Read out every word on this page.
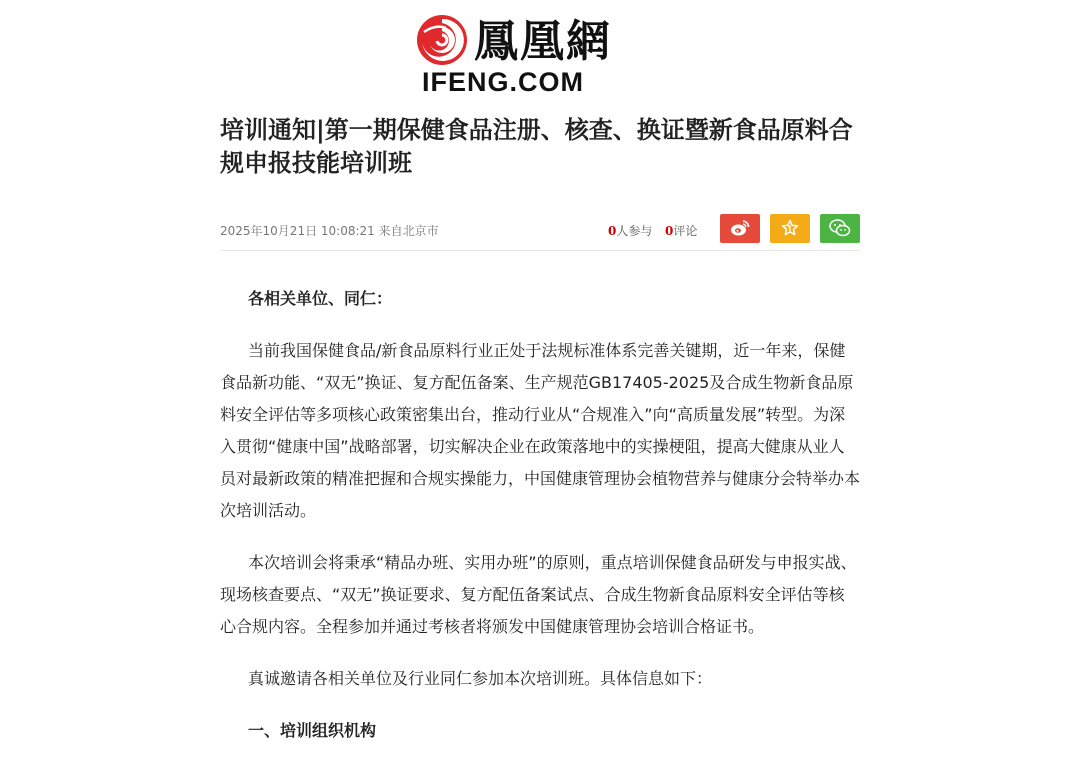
鳳凰網
IFENG.COM
培训通知|第一期保健食品注册、核查、换证暨新食品原料合规申报技能培训班
2025年10月21日 10:08:21 来自北京市	0人参与 0评论

各相关单位、同仁：

当前我国保健食品/新食品原料行业正处于法规标准体系完善关键期，近一年来，保健食品新功能、“双无”换证、复方配伍备案、生产规范GB17405-2025及合成生物新食品原料安全评估等多项核心政策密集出台，推动行业从“合规准入”向“高质量发展”转型。为深入贯彻“健康中国”战略部署，切实解决企业在政策落地中的实操梗阻，提高大健康从业人员对最新政策的精准把握和合规实操能力，中国健康管理协会植物营养与健康分会特举办本次培训活动。

本次培训会将秉承“精品办班、实用办班”的原则，重点培训保健食品研发与申报实战、现场核查要点、“双无”换证要求、复方配伍备案试点、合成生物新食品原料安全评估等核心合规内容。全程参加并通过考核者将颁发中国健康管理协会培训合格证书。

真诚邀请各相关单位及行业同仁参加本次培训班。具体信息如下：

一、培训组织机构
